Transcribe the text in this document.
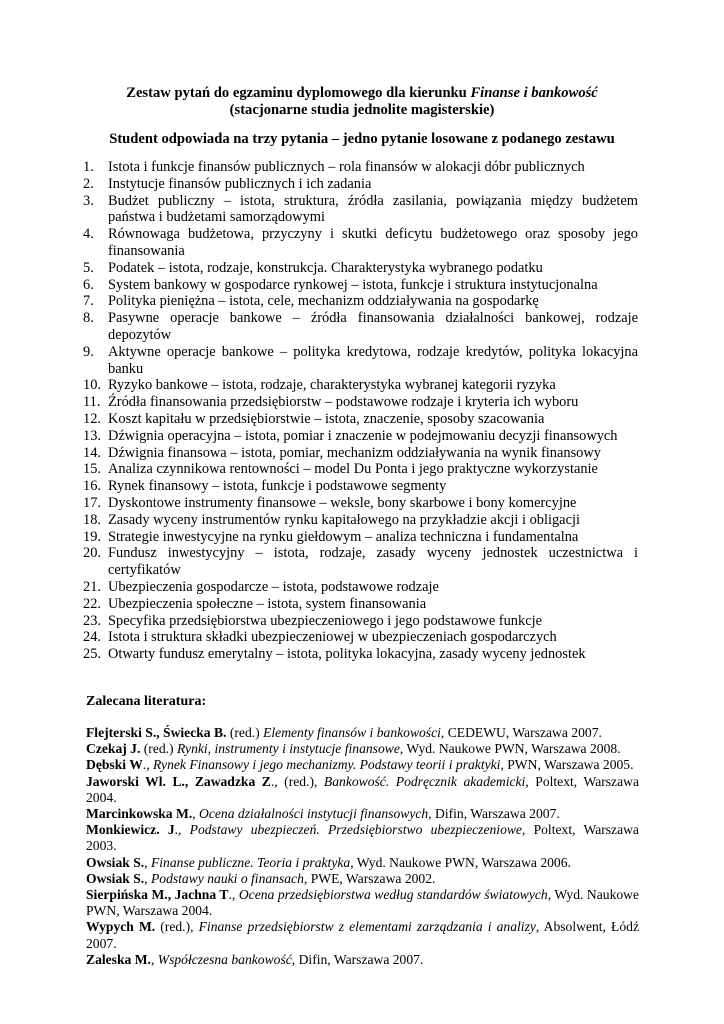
Zestaw pytań do egzaminu dyplomowego dla kierunku Finanse i bankowość
(stacjonarne studia jednolite magisterskie)
Student odpowiada na trzy pytania – jedno pytanie losowane z podanego zestawu
1. Istota i funkcje finansów publicznych – rola finansów w alokacji dóbr publicznych
2. Instytucje finansów publicznych i ich zadania
3. Budżet publiczny – istota, struktura, źródła zasilania, powiązania między budżetem państwa i budżetami samorządowymi
4. Równowaga budżetowa, przyczyny i skutki deficytu budżetowego oraz sposoby jego finansowania
5. Podatek – istota, rodzaje, konstrukcja. Charakterystyka wybranego podatku
6. System bankowy w gospodarce rynkowej – istota, funkcje i struktura instytucjonalna
7. Polityka pieniężna – istota, cele, mechanizm oddziaływania na gospodarkę
8. Pasywne operacje bankowe – źródła finansowania działalności bankowej, rodzaje depozytów
9. Aktywne operacje bankowe – polityka kredytowa, rodzaje kredytów, polityka lokacyjna banku
10. Ryzyko bankowe – istota, rodzaje, charakterystyka wybranej kategorii ryzyka
11. Źródła finansowania przedsiębiorstw – podstawowe rodzaje i kryteria ich wyboru
12. Koszt kapitału w przedsiębiorstwie – istota, znaczenie, sposoby szacowania
13. Dźwignia operacyjna – istota, pomiar i znaczenie w podejmowaniu decyzji finansowych
14. Dźwignia finansowa – istota, pomiar, mechanizm oddziaływania na wynik finansowy
15. Analiza czynnikowa rentowności – model Du Ponta i jego praktyczne wykorzystanie
16. Rynek finansowy – istota, funkcje i podstawowe segmenty
17. Dyskontowe instrumenty finansowe – weksle, bony skarbowe i bony komercyjne
18. Zasady wyceny instrumentów rynku kapitałowego na przykładzie akcji i obligacji
19. Strategie inwestycyjne na rynku giełdowym – analiza techniczna i fundamentalna
20. Fundusz inwestycyjny – istota, rodzaje, zasady wyceny jednostek uczestnictwa i certyfikatów
21. Ubezpieczenia gospodarcze – istota, podstawowe rodzaje
22. Ubezpieczenia społeczne – istota, system finansowania
23. Specyfika przedsiębiorstwa ubezpieczeniowego i jego podstawowe funkcje
24. Istota i struktura składki ubezpieczeniowej w ubezpieczeniach gospodarczych
25. Otwarty fundusz emerytalny – istota, polityka lokacyjna, zasady wyceny jednostek
Zalecana literatura:
Flejterski S., Świecka B. (red.) Elementy finansów i bankowości, CEDEWU, Warszawa 2007.
Czekaj J. (red.) Rynki, instrumenty i instytucje finansowe, Wyd. Naukowe PWN, Warszawa 2008.
Dębski W., Rynek Finansowy i jego mechanizmy. Podstawy teorii i praktyki, PWN, Warszawa 2005.
Jaworski Wl. L., Zawadzka Z., (red.), Bankowość. Podręcznik akademicki, Poltext, Warszawa 2004.
Marcinkowska M., Ocena działalności instytucji finansowych, Difin, Warszawa 2007.
Monkiewicz. J., Podstawy ubezpieczeń. Przedsiębiorstwo ubezpieczeniowe, Poltext, Warszawa 2003.
Owsiak S., Finanse publiczne. Teoria i praktyka, Wyd. Naukowe PWN, Warszawa 2006.
Owsiak S., Podstawy nauki o finansach, PWE, Warszawa 2002.
Sierpińska M., Jachna T., Ocena przedsiębiorstwa według standardów światowych, Wyd. Naukowe PWN, Warszawa 2004.
Wypych M. (red.), Finanse przedsiębiorstw z elementami zarządzania i analizy, Absolwent, Łódź 2007.
Zaleska M., Współczesna bankowość, Difin, Warszawa 2007.
